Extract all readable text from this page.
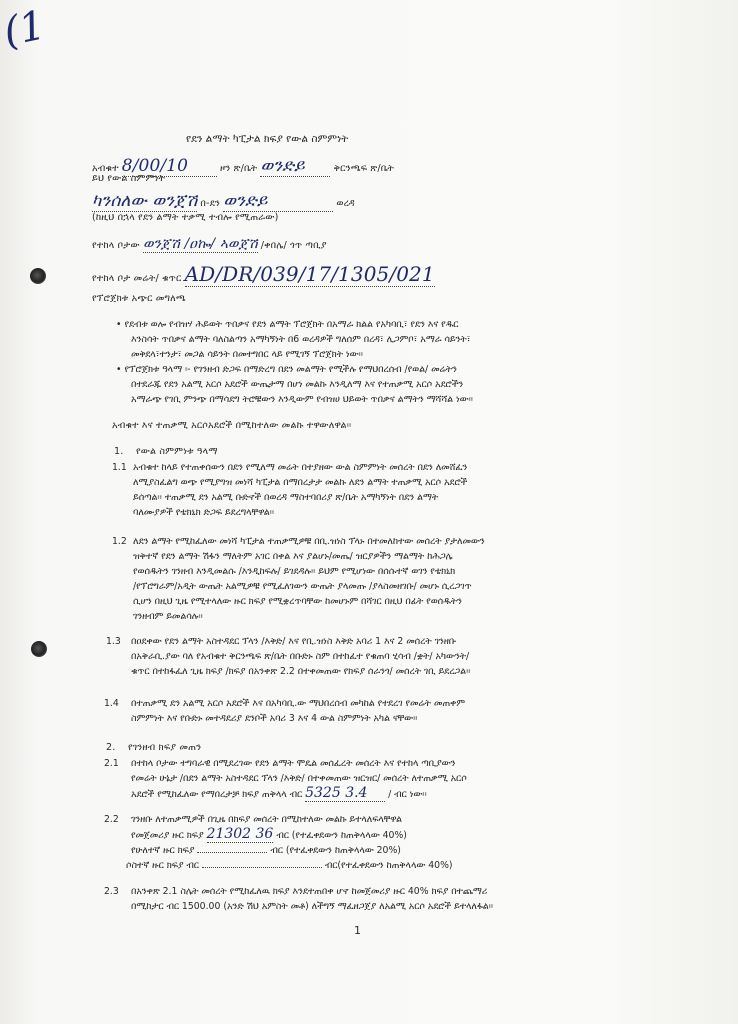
(1
የደን ልማት ካፒታል ክፍያ የውል ስምምነት
አብቁተ 8/00/10	ዞን ጽ/ቤት ወንድይ	ቅርንጫፍ ጽ/ቤት
ይህ የውል ስምምነት
ካንሰለው ወንጀሽ በ-ደን ወንድይ	ወረዳ
(ከዚህ በኋላ የደን ልማት ተቃሚ ተብሎ የሚጠራው)
የተከላ ቦታው ወንጀሽ /ዐኰ/ ኣወጀሽ /ቀበሌ/ ጎጥ ጣቢያ
የተከላ ቦታ መሬት/ ቁጥር AD/DR/039/17/1305/021
የፕሮጀክቱ አጭር መግለጫ
• የደብቱ ወሎ የብዝሃ ሕይወት ጥበቃና የደን ልማት ፕሮጀክት በአማራ ክልል የአካባቢ፣ የደን እና የዱር
እንስሳት ጥበቃና ልማት ባለስልጣን አማካኝነት በ6 ወረዳዎች ግለሰም በረዳ፣ ሊጋምቦ፣ አማራ ሳይንት፣
መቅደላ፣ተንታ፣ መጋል ሳይንት በመተግበር ላይ የሚገኝ ፕሮጀክት ነው፡፡
• የፕሮጀክቱ ዓላማ ፡- የገንዘብ ድጋፍ በማድረግ በደን መልማት የሚችሉ የማህበረሰብ /የወል/ መሬትን
በተደራጁ የደን አልሚ አርሶ አደሮች ውጤታማ በሆነ መልኩ እንዲለማ እና የተጠቃሚ አርሶ አደሮችን
አማራጭ የገቢ ምንጭ በማሳደግ ትሮቹውን እንዲውም የብዝሀ ህይወት ጥበቃና ልማትን ማሻሻል ነው፡፡
አብቁተ እና ተጠቃሚ አርሶአደሮች በሚከተለው መልኩ ተዋውለዋል፡፡
1. የውል ስምምነቱ ዓላማ
1.1 አብቁተ ከላይ የተጠቀሰውን በደን የሚለማ መሬት በተያዘው ውል ስምምነት መሰረት በደን ለመሸፈን
ለሚያስፈልግ ወጭ የሚያግዝ መነሻ ካፒታል በማበረታታ መልኩ ለደን ልማት ተጠቃሚ አርሶ አደሮች
ይሰጣል፡፡ ተጠቃሚ ደን አልሚ ቡድኖች በወረዳ ማስተባበሪያ ጽ/ቤት አማካኝነት በደን ልማት
ባለሙያዎች የቴክኒክ ድጋፍ ይደረግላቸዋል፡፡
1.2 ለደን ልማት የሚከፈለው መነሻ ካፒታል ተጠቃሚዎቹ በቢ.ዝነስ ፕላኑ በተመለከተው መሰረት ያታለመውን
ዝቅተኛ የደን ልማት ሽፋን ማለትም አገር በቀል እና ያልሆኑ/መጤ/ ዝርያዎችን ማልማት ከሕጋሌ
የወሰዱትን ገንዘብ እንዲመልሱ /እንዲከፍሉ/ ይገደዳሉ፡፡ ይህም የሚሆነው በሰሱተኛ ወገን የቴክኒክ
/የፕሮግራም/አዲት ውጤት አልሚዎቹ የሚፈለገውን ውጤት ያላመጡ /ያላስመዘገቡ/ መሆኑ ሲረጋገጥ
ሲሆን በዚህ ጊዜ የሚተላለው ዙር ክፍያ የሚቋረጥባቸው ከመሆኑም በሻገር በዚህ በፊት የወሰዱትን
ገንዘብም ይመልሳሉ፡፡
1.3 በዐደቀው የደን ልማት አስተዳደር ፕላን /እቅድ/ እና የቢ.ዝነስ እቅድ አባሪ 1 እና 2 መሰረት ገንዘቡ
በአቅራቢ.ያው ባለ የአብቁተ ቅርንጫፍ ጽ/ቤት በቡድኑ ስም በተከፈተ የቁጠባ ሂሳብ /ቋት/ አካውንት/
ቁጥር በተከፋፈለ ጊዜ ክፍያ /ክፍያ በአንቀጽ 2.2 በተቀመጠው የክፍያ ሰራንጎ/ መሰረት ገቢ ይደረጋል፡፡
1.4 በተጠቃሚ ደን አልሚ አርሶ አደሮች እና በአካባቢ.ው ማህበረሰብ መካከል የተደረገ የመሬት መጠቀም
ስምምነት እና የቡድኑ መተዳደሪያ ደንቦች አባሪ 3 እና 4 ውል ስምምነት አካል ናቸው፡፡
2. የገንዘብ ክፍያ መጠን
2.1 በተከላ ቦታው ተግባራዊ በሚደረገው የደን ልማት ሞዴል መሰፈረት መሰረት እና የተከላ ጣቢያውን
የመሬት ሁኔታ /በደን ልማት አስተዳደር ፕላን /እቅድ/ በተቀመጠው ዝርዝር/ መሰረት ለተጠቃሚ አርሶ
አደሮች የሚከፈለው የማበረታቻ ክፍያ ጠቅላላ ብር 5325 3.4 / ብር ነው፡፡
2.2 ገንዘቡ ለተጠቃሚዎች በጊዜ በክፍያ መሰረት በሚከተለው መልኩ ይተላለፍላቸዋል
የመጀመሪያ ዙር ክፍያ 21302 36 ብር (የተፈቀደውን ከጠቅላላው 40%)
የሁለተኛ ዙር ክፍያ	ብር (የተፈቀደውን ከጠቅላላው 20%)
ሶስተኛ ዙር ክፍያ ብር	ብር(የተፈቀደውን ከጠቅላላው 40%)
2.3 በአንቀጽ 2.1 ስሌት መሰረት የሚከፈለዉ ክፍያ እንደተጠበቀ ሆኖ ከመጀመሪያ ዙር 40% ክፍያ በተጨማሪ
በሚከታር ብር 1500.00 (አንድ ሽህ አምስት መቶ) ለችግኝ ማፈዘጋጀያ ለአልሚ አርሶ አደሮች ይተላለፋል፡፡
1
